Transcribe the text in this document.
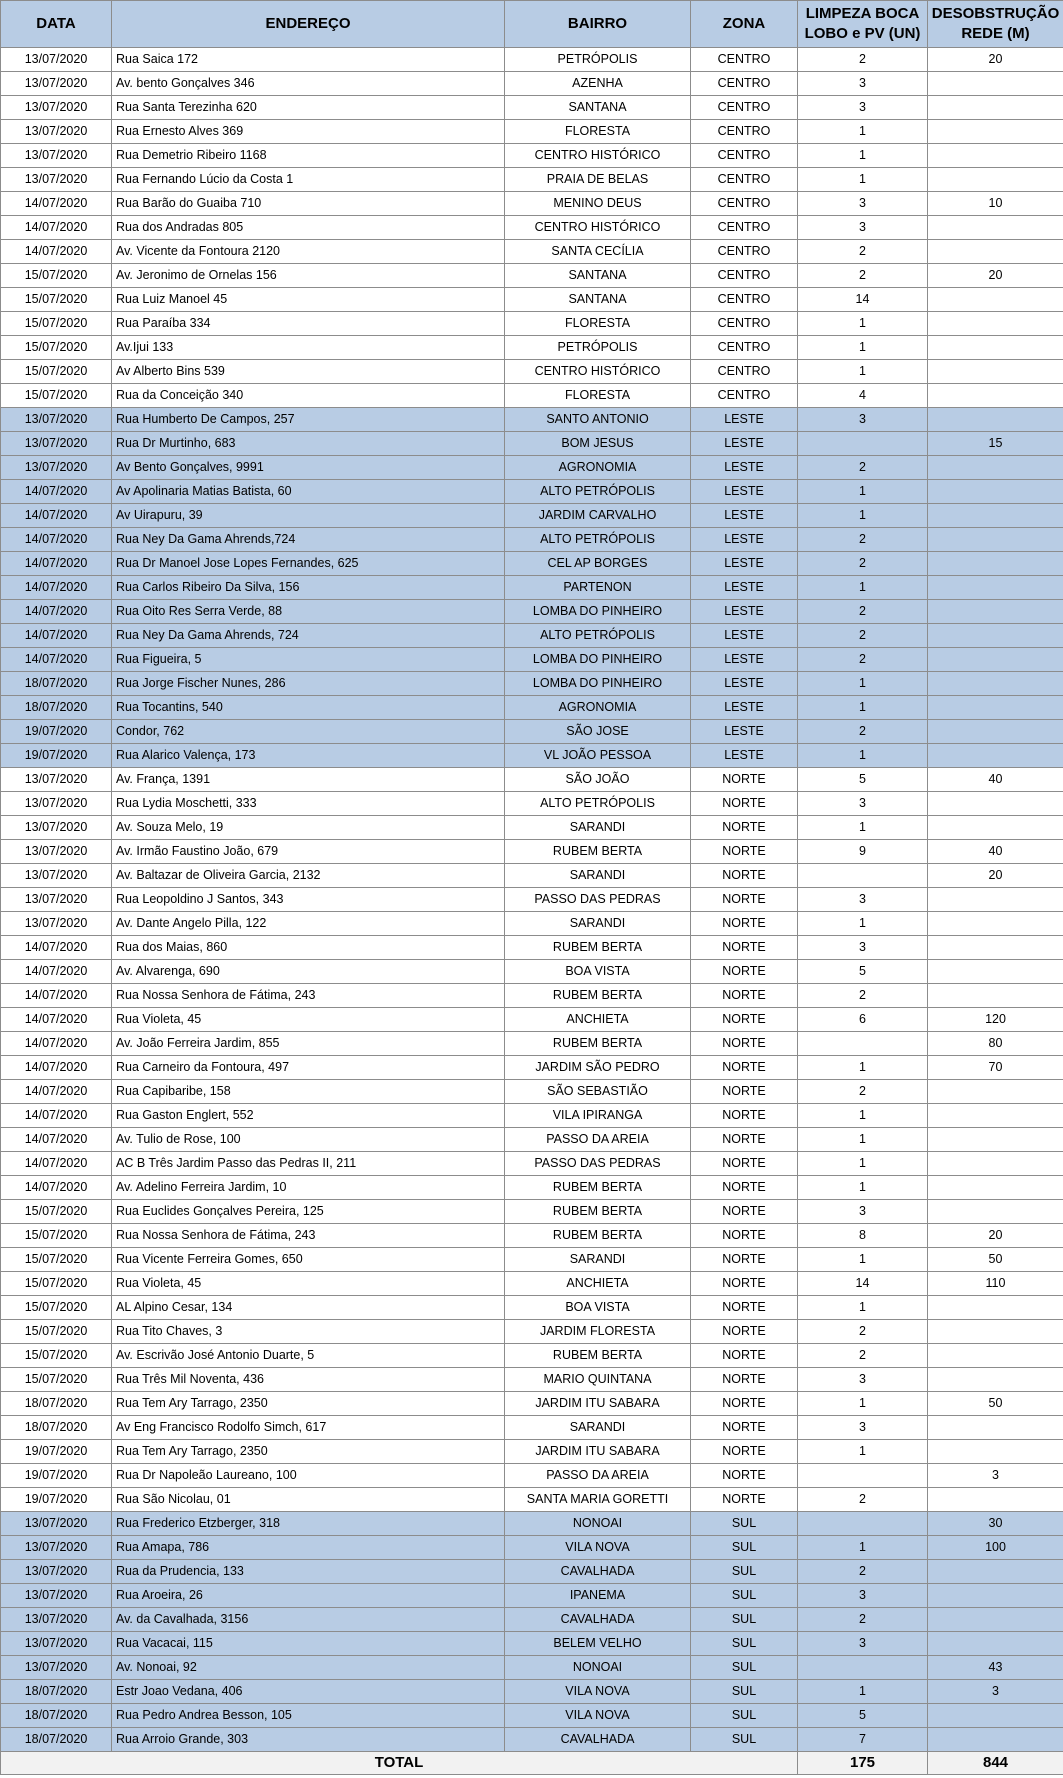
DATA	ENDEREÇO	BAIRRO	ZONA	LIMPEZA BOCA LOBO e PV (UN)	DESOBSTRUÇÃO REDE (M)
13/07/2020	Rua Saica 172	PETRÓPOLIS	CENTRO	2	20
13/07/2020	Av. bento Gonçalves 346	AZENHA	CENTRO	3	
13/07/2020	Rua Santa Terezinha 620	SANTANA	CENTRO	3	
13/07/2020	Rua Ernesto Alves 369	FLORESTA	CENTRO	1	
13/07/2020	Rua Demetrio Ribeiro 1168	CENTRO HISTÓRICO	CENTRO	1	
13/07/2020	Rua Fernando Lúcio da Costa 1	PRAIA DE BELAS	CENTRO	1	
14/07/2020	Rua Barão do Guaiba 710	MENINO DEUS	CENTRO	3	10
14/07/2020	Rua dos Andradas 805	CENTRO HISTÓRICO	CENTRO	3	
14/07/2020	Av. Vicente da Fontoura 2120	SANTA CECÍLIA	CENTRO	2	
15/07/2020	Av. Jeronimo de Ornelas 156	SANTANA	CENTRO	2	20
15/07/2020	Rua Luiz Manoel 45	SANTANA	CENTRO	14	
15/07/2020	Rua Paraíba 334	FLORESTA	CENTRO	1	
15/07/2020	Av.Ijui 133	PETRÓPOLIS	CENTRO	1	
15/07/2020	Av Alberto Bins 539	CENTRO HISTÓRICO	CENTRO	1	
15/07/2020	Rua da Conceição 340	FLORESTA	CENTRO	4	
13/07/2020	Rua Humberto De Campos, 257	SANTO ANTONIO	LESTE	3	
13/07/2020	Rua Dr Murtinho, 683	BOM JESUS	LESTE		15
13/07/2020	Av Bento Gonçalves, 9991	AGRONOMIA	LESTE	2	
14/07/2020	Av Apolinaria Matias Batista, 60	ALTO PETRÓPOLIS	LESTE	1	
14/07/2020	Av Uirapuru, 39	JARDIM CARVALHO	LESTE	1	
14/07/2020	Rua Ney Da Gama Ahrends,724	ALTO PETRÓPOLIS	LESTE	2	
14/07/2020	Rua Dr Manoel Jose Lopes Fernandes, 625	CEL AP BORGES	LESTE	2	
14/07/2020	Rua Carlos Ribeiro Da Silva, 156	PARTENON	LESTE	1	
14/07/2020	Rua Oito Res Serra Verde, 88	LOMBA DO PINHEIRO	LESTE	2	
14/07/2020	Rua Ney Da Gama Ahrends, 724	ALTO PETRÓPOLIS	LESTE	2	
14/07/2020	Rua Figueira, 5	LOMBA DO PINHEIRO	LESTE	2	
18/07/2020	Rua Jorge Fischer Nunes, 286	LOMBA DO PINHEIRO	LESTE	1	
18/07/2020	Rua Tocantins, 540	AGRONOMIA	LESTE	1	
19/07/2020	Condor, 762	SÃO JOSE	LESTE	2	
19/07/2020	Rua Alarico Valença, 173	VL JOÃO PESSOA	LESTE	1	
13/07/2020	Av. França, 1391	SÃO JOÃO	NORTE	5	40
13/07/2020	Rua Lydia Moschetti, 333	ALTO PETRÓPOLIS	NORTE	3	
13/07/2020	Av. Souza Melo, 19	SARANDI	NORTE	1	
13/07/2020	Av. Irmão Faustino João, 679	RUBEM BERTA	NORTE	9	40
13/07/2020	Av. Baltazar de Oliveira Garcia, 2132	SARANDI	NORTE		20
13/07/2020	Rua Leopoldino J Santos, 343	PASSO DAS PEDRAS	NORTE	3	
13/07/2020	Av. Dante Angelo Pilla, 122	SARANDI	NORTE	1	
14/07/2020	Rua dos Maias, 860	RUBEM BERTA	NORTE	3	
14/07/2020	Av. Alvarenga, 690	BOA VISTA	NORTE	5	
14/07/2020	Rua Nossa Senhora de Fátima, 243	RUBEM BERTA	NORTE	2	
14/07/2020	Rua Violeta, 45	ANCHIETA	NORTE	6	120
14/07/2020	Av. João Ferreira Jardim, 855	RUBEM BERTA	NORTE		80
14/07/2020	Rua Carneiro da Fontoura, 497	JARDIM SÃO PEDRO	NORTE	1	70
14/07/2020	Rua Capibaribe, 158	SÃO SEBASTIÃO	NORTE	2	
14/07/2020	Rua Gaston Englert, 552	VILA IPIRANGA	NORTE	1	
14/07/2020	Av. Tulio de Rose, 100	PASSO DA AREIA	NORTE	1	
14/07/2020	AC B Três Jardim Passo das Pedras II, 211	PASSO DAS PEDRAS	NORTE	1	
14/07/2020	Av. Adelino Ferreira Jardim, 10	RUBEM BERTA	NORTE	1	
15/07/2020	Rua Euclides Gonçalves Pereira, 125	RUBEM BERTA	NORTE	3	
15/07/2020	Rua Nossa Senhora de Fátima, 243	RUBEM BERTA	NORTE	8	20
15/07/2020	Rua Vicente Ferreira Gomes, 650	SARANDI	NORTE	1	50
15/07/2020	Rua Violeta, 45	ANCHIETA	NORTE	14	110
15/07/2020	AL Alpino Cesar, 134	BOA VISTA	NORTE	1	
15/07/2020	Rua Tito Chaves, 3	JARDIM FLORESTA	NORTE	2	
15/07/2020	Av. Escrivão José Antonio Duarte, 5	RUBEM BERTA	NORTE	2	
15/07/2020	Rua Três Mil Noventa, 436	MARIO QUINTANA	NORTE	3	
18/07/2020	Rua Tem Ary Tarrago, 2350	JARDIM ITU SABARA	NORTE	1	50
18/07/2020	Av Eng Francisco Rodolfo Simch, 617	SARANDI	NORTE	3	
19/07/2020	Rua Tem Ary Tarrago, 2350	JARDIM ITU SABARA	NORTE	1	
19/07/2020	Rua Dr Napoleão Laureano, 100	PASSO DA AREIA	NORTE		3
19/07/2020	Rua São Nicolau, 01	SANTA MARIA GORETTI	NORTE	2	
13/07/2020	Rua Frederico Etzberger, 318	NONOAI	SUL		30
13/07/2020	Rua Amapa, 786	VILA NOVA	SUL	1	100
13/07/2020	Rua da Prudencia, 133	CAVALHADA	SUL	2	
13/07/2020	Rua Aroeira, 26	IPANEMA	SUL	3	
13/07/2020	Av. da Cavalhada, 3156	CAVALHADA	SUL	2	
13/07/2020	Rua Vacacai, 115	BELEM VELHO	SUL	3	
13/07/2020	Av. Nonoai, 92	NONOAI	SUL		43
18/07/2020	Estr Joao Vedana, 406	VILA NOVA	SUL	1	3
18/07/2020	Rua Pedro Andrea Besson, 105	VILA NOVA	SUL	5	
18/07/2020	Rua Arroio Grande, 303	CAVALHADA	SUL	7	
TOTAL				175	844
